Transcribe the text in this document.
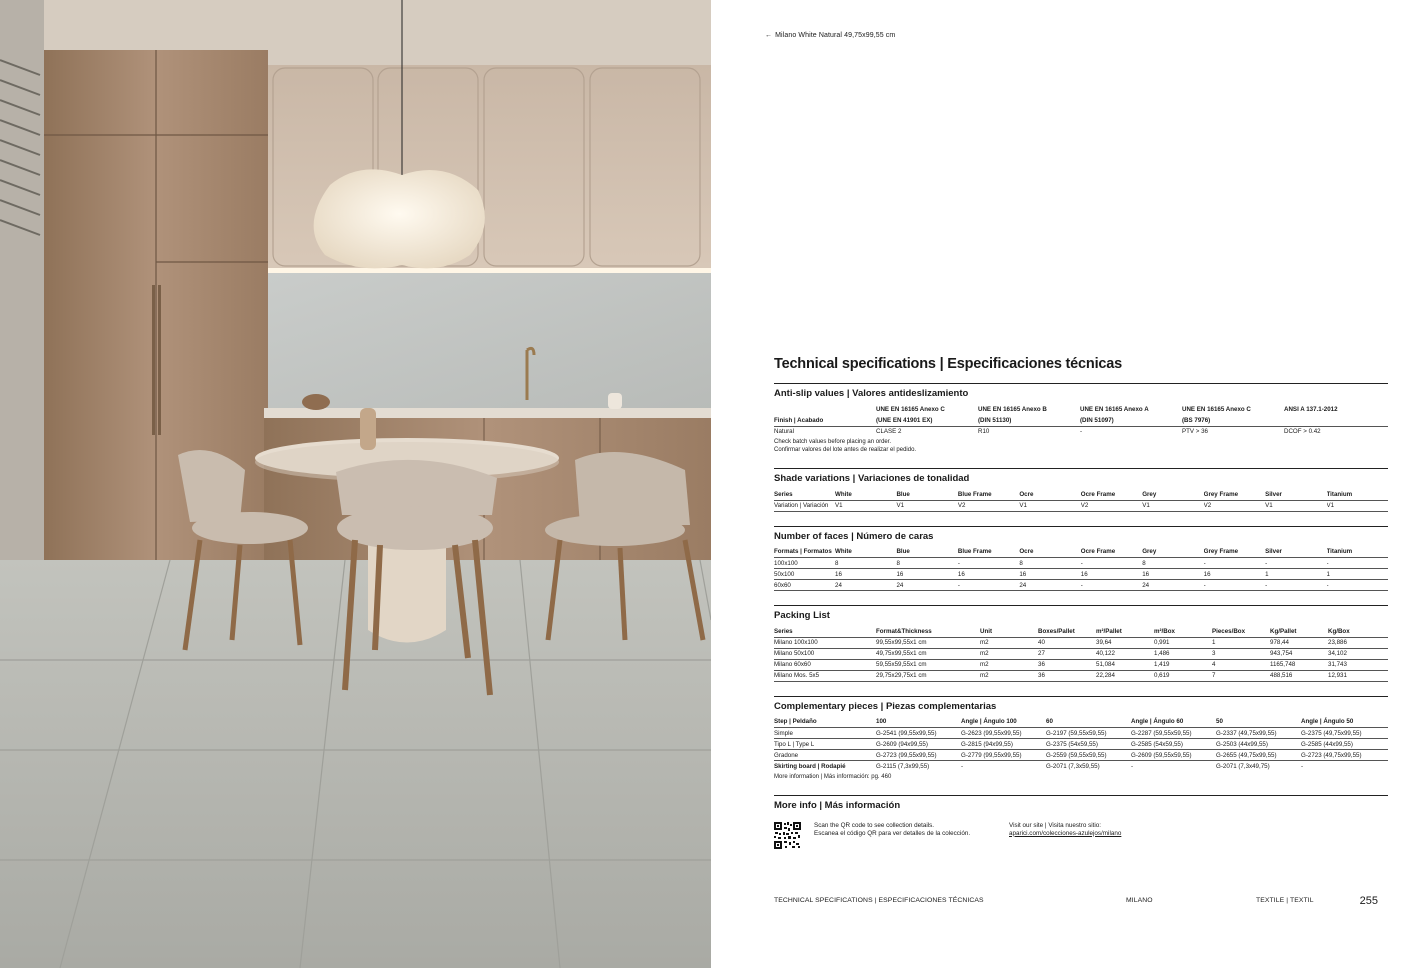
← Milano White Natural 49,75x99,55 cm
Technical specifications | Especificaciones técnicas
Anti-slip values | Valores antideslizamiento
	UNE EN 16165 Anexo C	UNE EN 16165 Anexo B	UNE EN 16165 Anexo A	UNE EN 16165 Anexo C	ANSI A 137.1-2012
Finish | Acabado	(UNE EN 41901 EX)	(DIN 51130)	(DIN 51097)	(BS 7976)	
Natural	CLASE 2	R10	-	PTV > 36	DCOF > 0.42
Check batch values before placing an order.
Confirmar valores del lote antes de realizar el pedido.
Shade variations | Variaciones de tonalidad
Series	White	Blue	Blue Frame	Ocre	Ocre Frame	Grey	Grey Frame	Silver	Titanium
Variation | Variación	V1	V1	V2	V1	V2	V1	V2	V1	V1
Number of faces | Número de caras
Formats | Formatos	White	Blue	Blue Frame	Ocre	Ocre Frame	Grey	Grey Frame	Silver	Titanium
100x100	8	8	-	8	-	8	-	-	-
50x100	16	16	16	16	16	16	16	1	1
60x60	24	24	-	24	-	24	-	-	-
Packing List
Series	Format&Thickness	Unit	Boxes/Pallet	m²/Pallet	m²/Box	Pieces/Box	Kg/Pallet	Kg/Box
Milano 100x100	99,55x99,55x1 cm	m2	40	39,64	0,991	1	978,44	23,886
Milano 50x100	49,75x99,55x1 cm	m2	27	40,122	1,486	3	943,754	34,102
Milano 60x60	59,55x59,55x1 cm	m2	36	51,084	1,419	4	1165,748	31,743
Milano Mos. 5x5	29,75x29,75x1 cm	m2	36	22,284	0,619	7	488,516	12,931
Complementary pieces | Piezas complementarias
Step | Peldaño	100	Angle | Ángulo 100	60	Angle | Ángulo 60	50	Angle | Ángulo 50
Simple	G-2541 (99,55x99,55)	G-2623 (99,55x99,55)	G-2197 (59,55x59,55)	G-2287 (59,55x59,55)	G-2337 (49,75x99,55)	G-2375 (49,75x99,55)
Tipo L | Type L	G-2609 (94x99,55)	G-2815 (94x99,55)	G-2375 (54x59,55)	G-2585 (54x59,55)	G-2503 (44x99,55)	G-2585 (44x99,55)
Gradone	G-2723 (99,55x99,55)	G-2779 (99,55x99,55)	G-2559 (59,55x59,55)	G-2609 (59,55x59,55)	G-2655 (49,75x99,55)	G-2723 (49,75x99,55)
Skirting board | Rodapié	G-2115 (7,3x99,55)	-	G-2071 (7,3x59,55)	-	G-2071 (7,3x49,75)	-
More information | Más información: pg. 460
More info | Más información
Scan the QR code to see collection details.
Escanea el código QR para ver detalles de la colección.
Visit our site | Visita nuestro sitio:
aparici.com/colecciones-azulejos/milano
TECHNICAL SPECIFICATIONS | ESPECIFICACIONES TÉCNICAS	MILANO	TEXTILE | TEXTIL	255
